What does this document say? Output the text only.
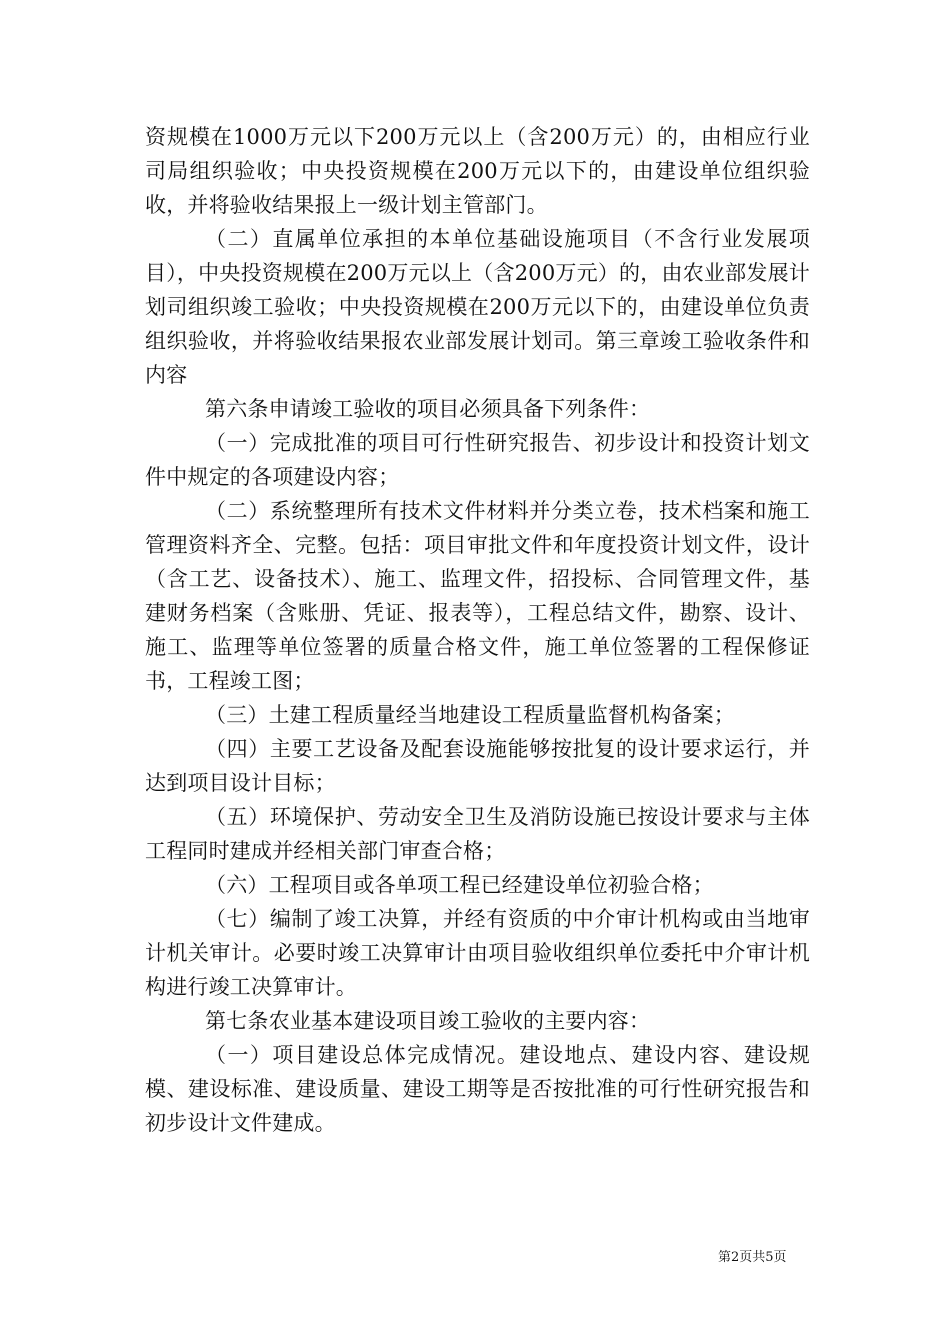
资规模在1000万元以下200万元以上（含200万元）的，由相应行业司局组织验收；中央投资规模在200万元以下的，由建设单位组织验收，并将验收结果报上一级计划主管部门。

（二）直属单位承担的本单位基础设施项目（不含行业发展项目），中央投资规模在200万元以上（含200万元）的，由农业部发展计划司组织竣工验收；中央投资规模在200万元以下的，由建设单位负责组织验收，并将验收结果报农业部发展计划司。第三章竣工验收条件和内容

第六条申请竣工验收的项目必须具备下列条件：

（一）完成批准的项目可行性研究报告、初步设计和投资计划文件中规定的各项建设内容；

（二）系统整理所有技术文件材料并分类立卷，技术档案和施工管理资料齐全、完整。包括：项目审批文件和年度投资计划文件，设计（含工艺、设备技术）、施工、监理文件，招投标、合同管理文件，基建财务档案（含账册、凭证、报表等），工程总结文件，勘察、设计、施工、监理等单位签署的质量合格文件，施工单位签署的工程保修证书，工程竣工图；

（三）土建工程质量经当地建设工程质量监督机构备案；

（四）主要工艺设备及配套设施能够按批复的设计要求运行，并达到项目设计目标；

（五）环境保护、劳动安全卫生及消防设施已按设计要求与主体工程同时建成并经相关部门审查合格；

（六）工程项目或各单项工程已经建设单位初验合格；

（七）编制了竣工决算，并经有资质的中介审计机构或由当地审计机关审计。必要时竣工决算审计由项目验收组织单位委托中介审计机构进行竣工决算审计。

第七条农业基本建设项目竣工验收的主要内容：

（一）项目建设总体完成情况。建设地点、建设内容、建设规模、建设标准、建设质量、建设工期等是否按批准的可行性研究报告和初步设计文件建成。

第2页共5页
